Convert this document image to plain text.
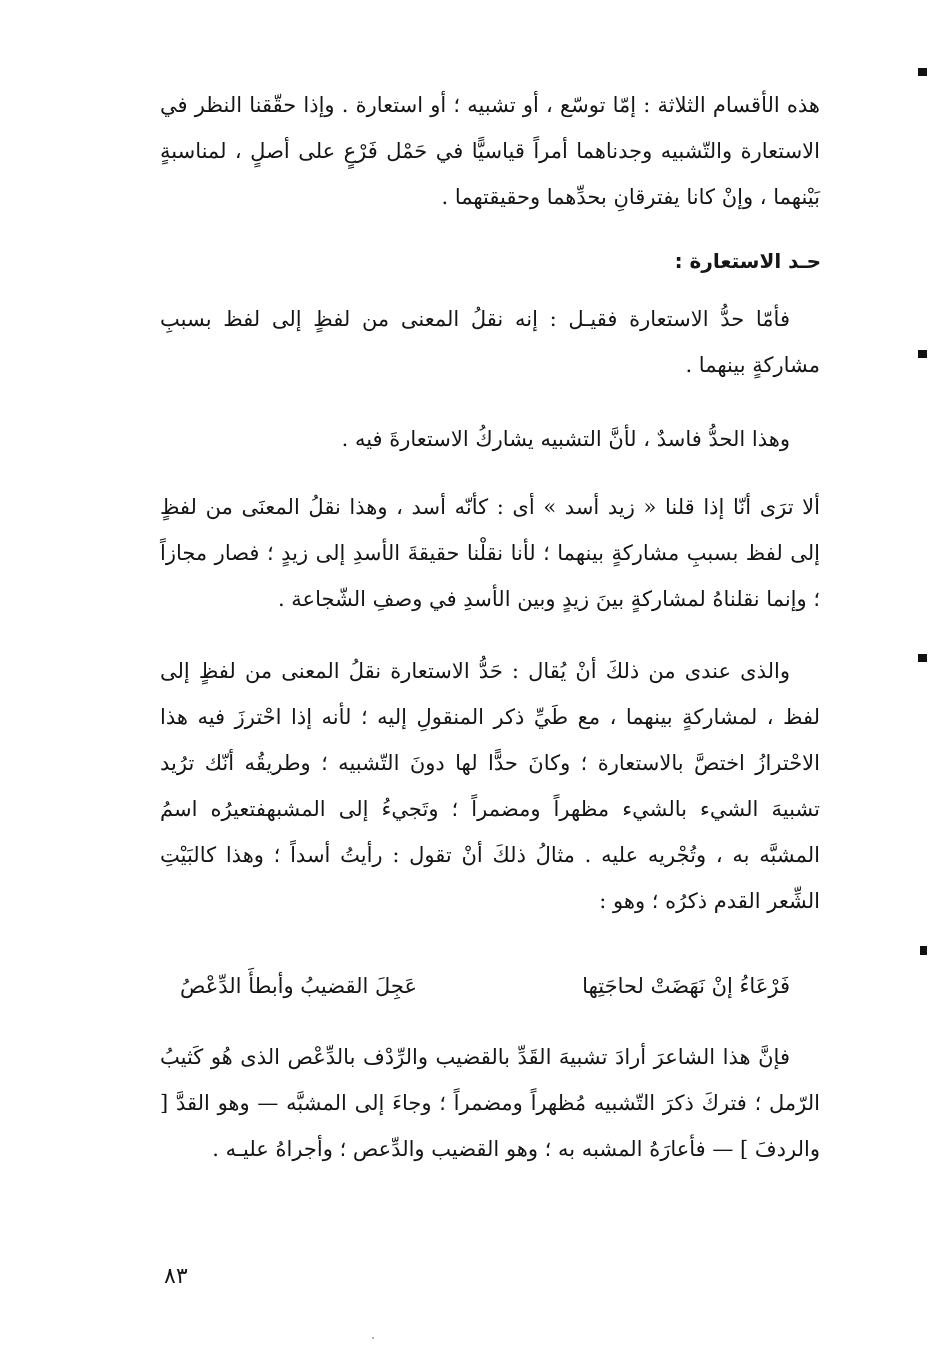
هذه الأقسام الثلاثة : إمّا توسّع ، أو تشبيه ؛ أو استعارة . وإذا حقّقنا النظر في الاستعارة والتّشبيه وجدناهما أمراً قياسيًّا في حَمْل فَرْعٍ على أصلٍ ، لمناسبةٍ بَيْنهما ، وإنْ كانا يفترقانِ بحدِّهما وحقيقتهما .

حـد الاستعارة :

فأمّا حدُّ الاستعارة فقيـل : إنه نقلُ المعنى من لفظٍ إلى لفظ بسببِ مشاركةٍ بينهما .

وهذا الحدُّ فاسدٌ ، لأنَّ التشبيه يشاركُ الاستعارةَ فيه .

ألا ترَى أنّا إذا قلنا « زيد أسد » أى : كأنّه أسد ، وهذا نقلُ المعنَى من لفظٍ إلى لفظ بسببِ مشاركةٍ بينهما ؛ لأنا نقلْنا حقيقةَ الأسدِ إلى زيدٍ ؛ فصار مجازاً ؛ وإنما نقلناهُ لمشاركةٍ بينَ زيدٍ وبين الأسدِ في وصفِ الشّجاعة .

والذى عندى من ذلكَ أنْ يُقال : حَدُّ الاستعارة نقلُ المعنى من لفظٍ إلى لفظ ، لمشاركةٍ بينهما ، مع طَيِّ ذكر المنقولِ إليه ؛ لأنه إذا احْترزَ فيه هذا الاحْترازُ اختصَّ بالاستعارة ؛ وكانَ حدًّا لها دونَ التّشبيه ؛ وطريقُه أنّك ترُيد تشبيهَ الشيء بالشيء مظهراً ومضمراً ؛ وتَجيءُ إلى المشبهفتعيرُه اسمُ المشبَّه به ، وتُجْريه عليه . مثالُ ذلكَ أنْ تقول : رأيتُ أسداً ؛ وهذا كالبَيْتِ الشِّعر القدم ذكرُه ؛ وهو :

فَرْعَاءُ إنْ نَهَضَتْ لحاجَتِها
عَجِلَ القضيبُ وأبطأَ الدِّعْصُ

فإنَّ هذا الشاعرَ أرادَ تشبيهَ القَدِّ بالقضيب والرِّدْف بالدِّعْص الذى هُو كَثيبُ الرّمل ؛ فتركَ ذكرَ التّشبيه مُظهراً ومضمراً ؛ وجاءَ إلى المشبَّه — وهو القدَّ [ والردفَ ] — فأعارَهُ المشبه به ؛ وهو القضيب والدِّعص ؛ وأجراهُ عليـه .

٨٣
